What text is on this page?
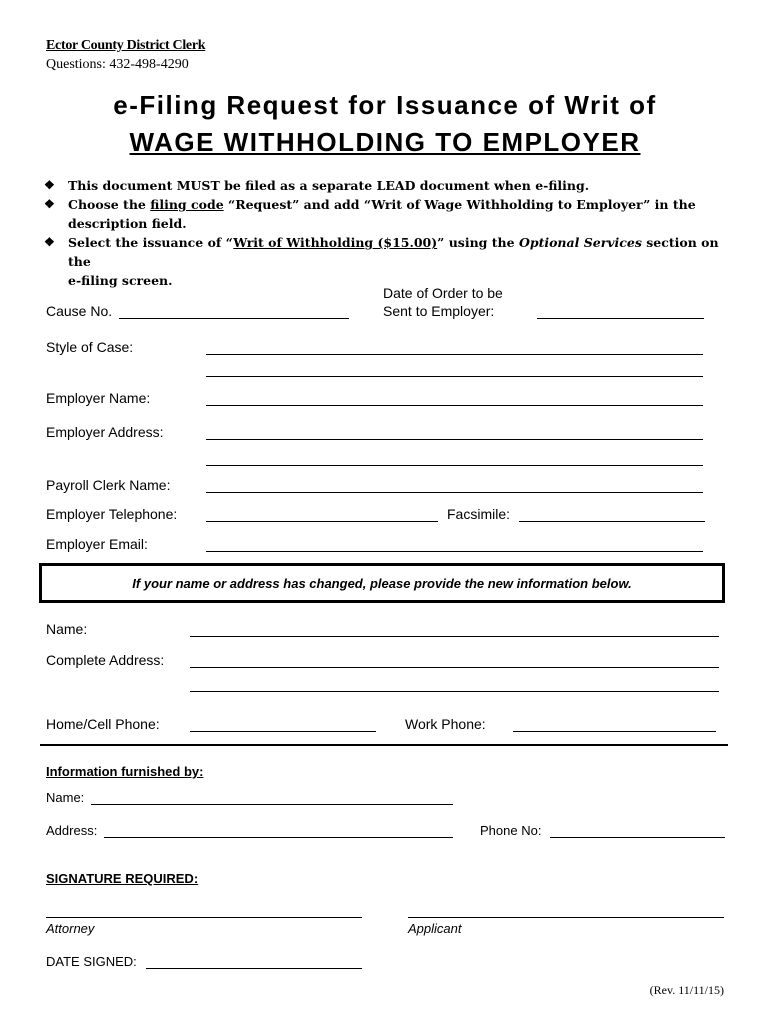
Ector County District Clerk
Questions: 432-498-4290
e-Filing Request for Issuance of Writ of
WAGE WITHHOLDING TO EMPLOYER
❖ This document MUST be filed as a separate LEAD document when e-filing.
❖ Choose the filing code “Request” and add “Writ of Wage Withholding to Employer” in the
description field.
❖ Select the issuance of “Writ of Withholding ($15.00)” using the Optional Services section on the
e-filing screen.
Cause No.
Date of Order to be
Sent to Employer:
Style of Case:
Employer Name:
Employer Address:
Payroll Clerk Name:
Employer Telephone:	Facsimile:
Employer Email:
If your name or address has changed, please provide the new information below.
Name:
Complete Address:
Home/Cell Phone:	Work Phone:
Information furnished by:
Name:
Address:	Phone No:
SIGNATURE REQUIRED:
Attorney	Applicant
DATE SIGNED:
(Rev. 11/11/15)
